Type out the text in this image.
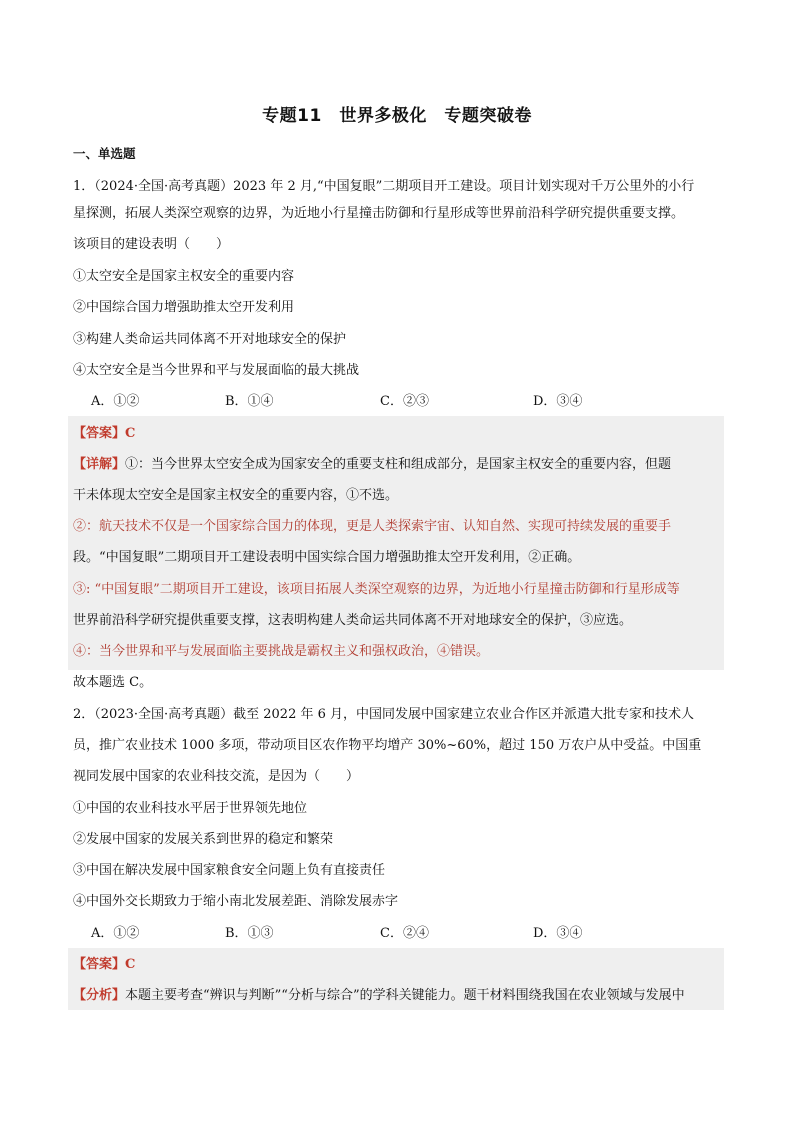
专题11　世界多极化　专题突破卷
一、单选题
1．（2024·全国·高考真题）2023 年 2 月,“中国复眼”二期项目开工建设。项目计划实现对千万公里外的小行
星探测，拓展人类深空观察的边界，为近地小行星撞击防御和行星形成等世界前沿科学研究提供重要支撑。
该项目的建设表明（　　）
①太空安全是国家主权安全的重要内容
②中国综合国力增强助推太空开发利用
③构建人类命运共同体离不开对地球安全的保护
④太空安全是当今世界和平与发展面临的最大挑战
A．①②	B．①④	C．②③	D．③④
【答案】C
【详解】①：当今世界太空安全成为国家安全的重要支柱和组成部分，是国家主权安全的重要内容，但题
干未体现太空安全是国家主权安全的重要内容，①不选。
②：航天技术不仅是一个国家综合国力的体现，更是人类探索宇宙、认知自然、实现可持续发展的重要手
段。“中国复眼”二期项目开工建设表明中国实综合国力增强助推太空开发利用，②正确。
③: “中国复眼”二期项目开工建设，该项目拓展人类深空观察的边界，为近地小行星撞击防御和行星形成等
世界前沿科学研究提供重要支撑，这表明构建人类命运共同体离不开对地球安全的保护，③应选。
④：当今世界和平与发展面临主要挑战是霸权主义和强权政治，④错误。
故本题选 C。
2．（2023·全国·高考真题）截至 2022 年 6 月，中国同发展中国家建立农业合作区并派遣大批专家和技术人
员，推广农业技术 1000 多项，带动项目区农作物平均增产 30%~60%，超过 150 万农户从中受益。中国重
视同发展中国家的农业科技交流，是因为（　　）
①中国的农业科技水平居于世界领先地位
②发展中国家的发展关系到世界的稳定和繁荣
③中国在解决发展中国家粮食安全问题上负有直接责任
④中国外交长期致力于缩小南北发展差距、消除发展赤字
A．①②	B．①③	C．②④	D．③④
【答案】C
【分析】本题主要考查“辨识与判断”“分析与综合”的学科关键能力。题干材料围绕我国在农业领域与发展中
